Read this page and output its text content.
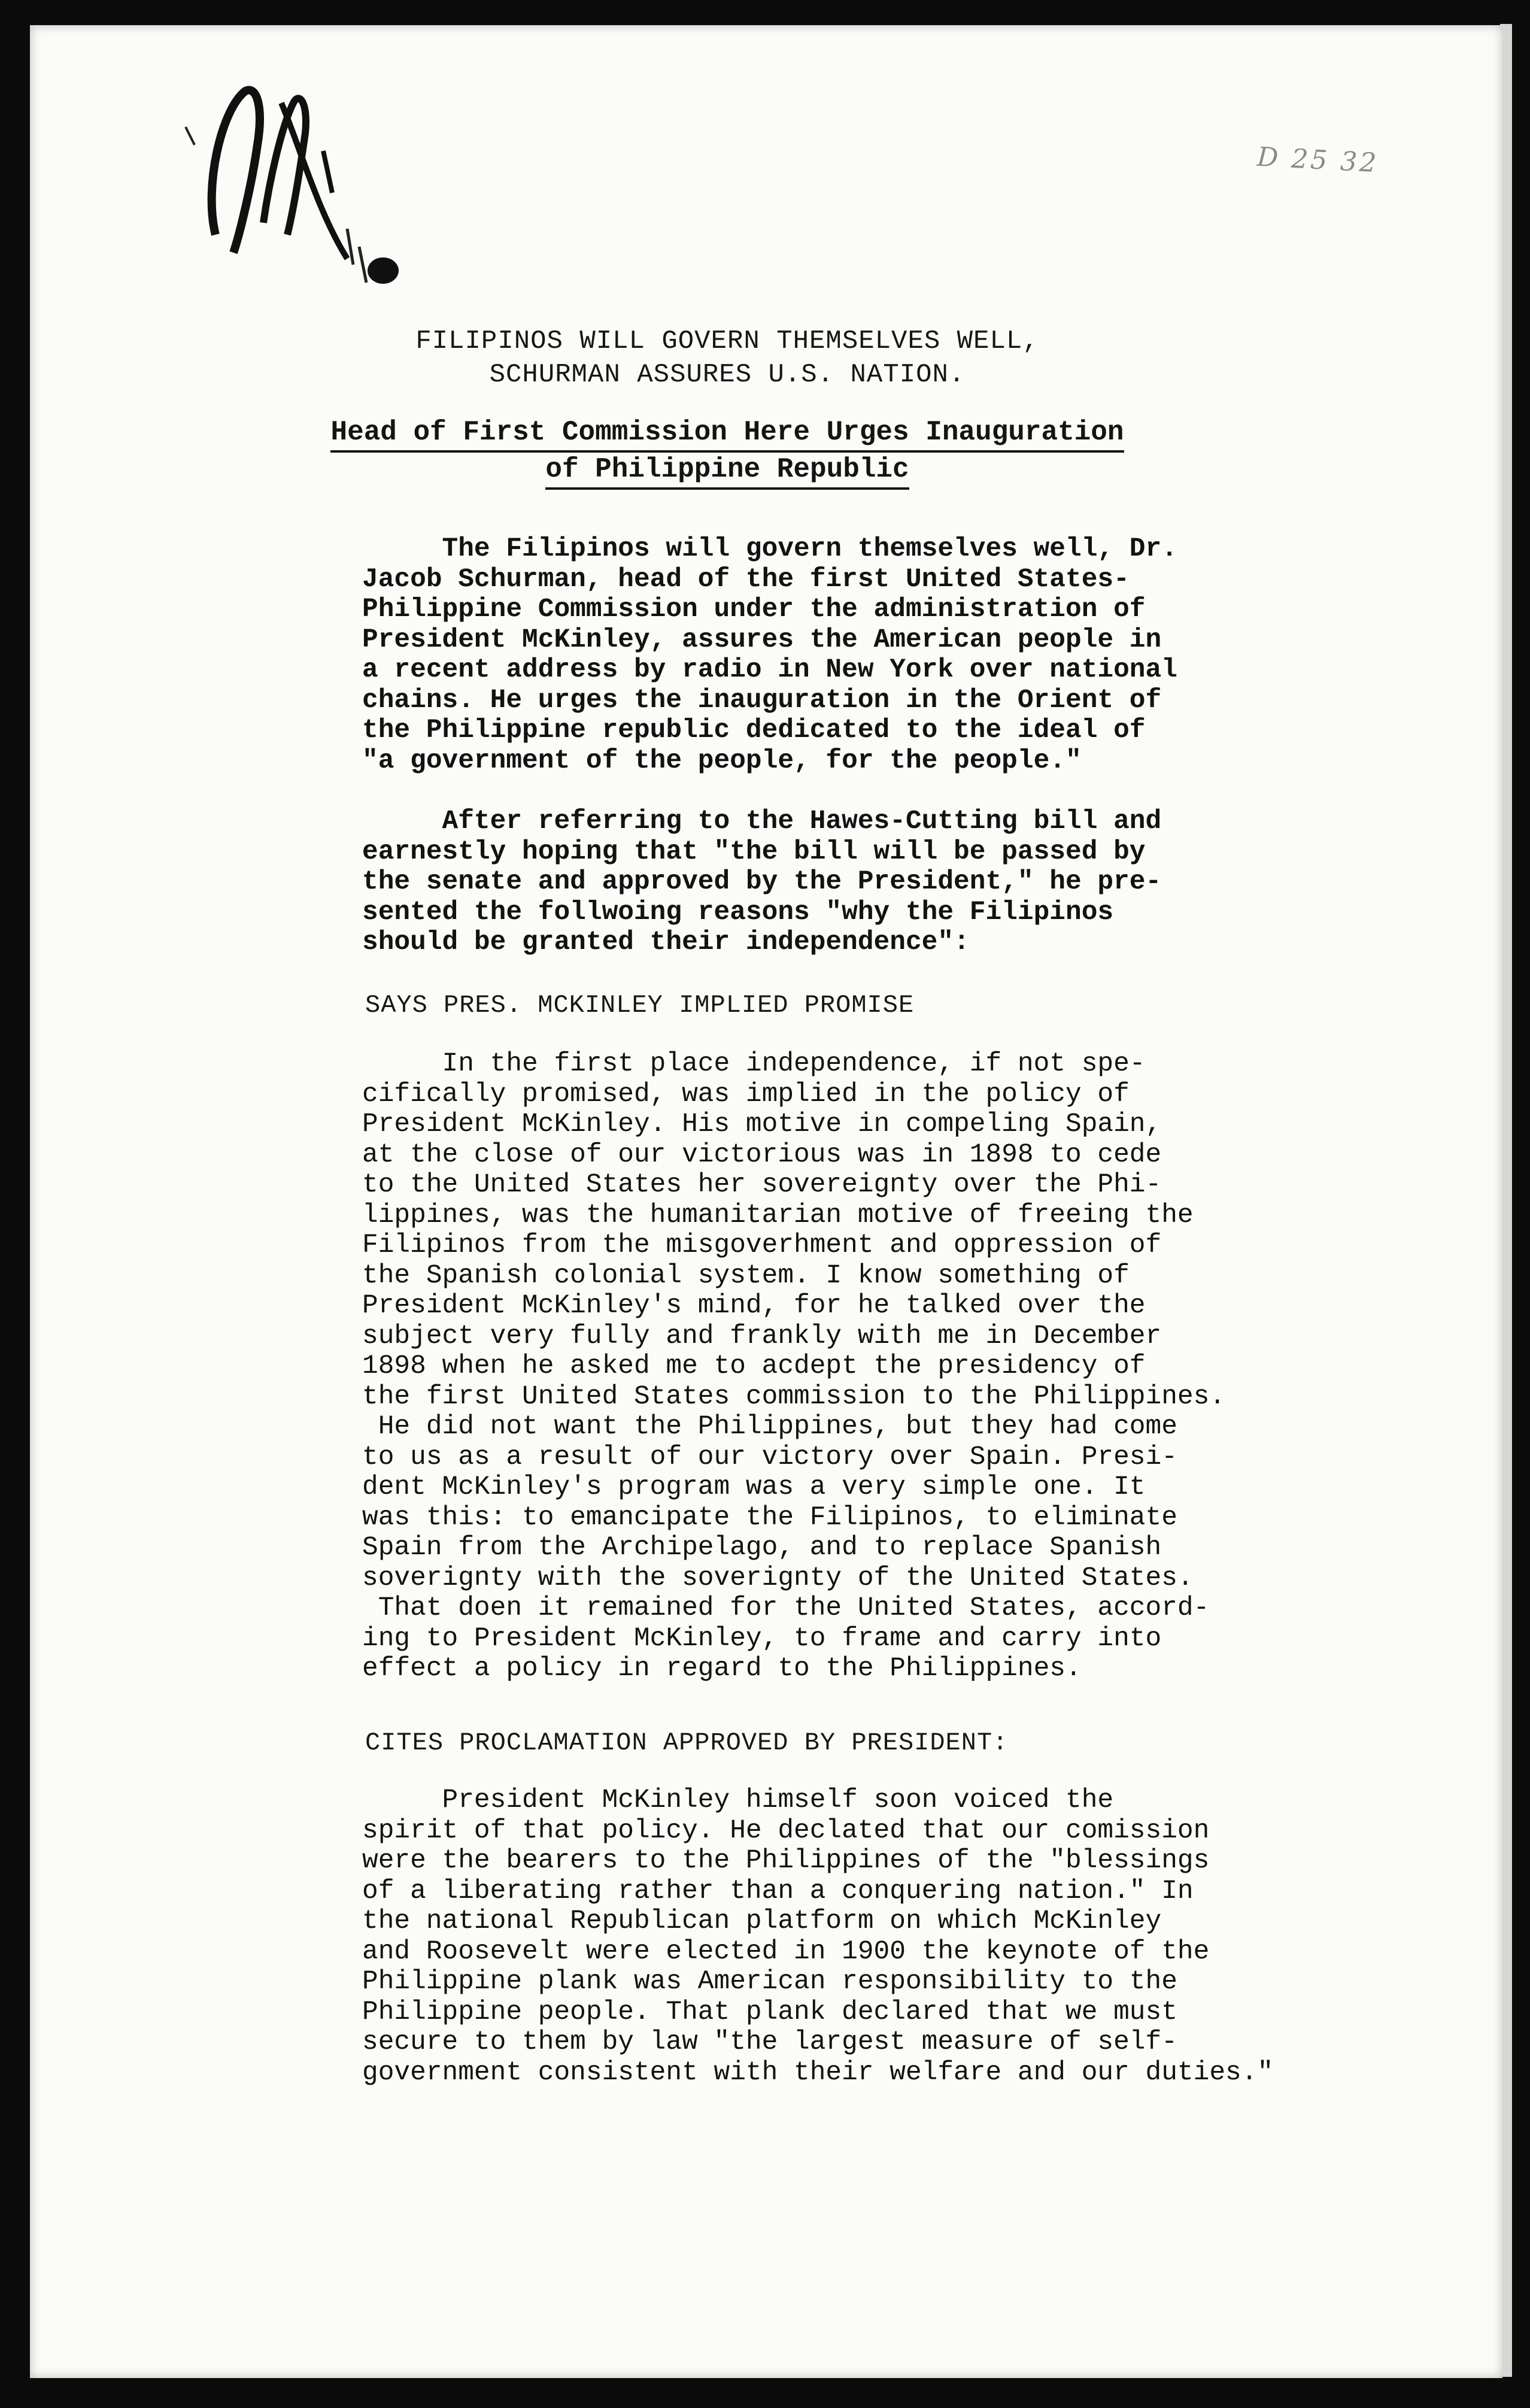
D 25 32
FILIPINOS WILL GOVERN THEMSELVES WELL,
SCHURMAN ASSURES U.S. NATION.
Head of First Commission Here Urges Inauguration
of Philippine Republic
The Filipinos will govern themselves well, Dr.
Jacob Schurman, head of the first United States-
Philippine Commission under the administration of
President McKinley, assures the American people in
a recent address by radio in New York over national
chains. He urges the inauguration in the Orient of
the Philippine republic dedicated to the ideal of
"a government of the people, for the people."
After referring to the Hawes-Cutting bill and
earnestly hoping that "the bill will be passed by
the senate and approved by the President," he pre-
sented the follwoing reasons "why the Filipinos
should be granted their independence":
SAYS PRES. MCKINLEY IMPLIED PROMISE
In the first place independence, if not spe-
cifically promised, was implied in the policy of
President McKinley. His motive in compeling Spain,
at the close of our victorious was in 1898 to cede
to the United States her sovereignty over the Phi-
lippines, was the humanitarian motive of freeing the
Filipinos from the misgoverhment and oppression of
the Spanish colonial system. I know something of
President McKinley's mind, for he talked over the
subject very fully and frankly with me in December
1898 when he asked me to acdept the presidency of
the first United States commission to the Philippines.
He did not want the Philippines, but they had come
to us as a result of our victory over Spain. Presi-
dent McKinley's program was a very simple one. It
was this: to emancipate the Filipinos, to eliminate
Spain from the Archipelago, and to replace Spanish
soverignty with the soverignty of the United States.
That doen it remained for the United States, accord-
ing to President McKinley, to frame and carry into
effect a policy in regard to the Philippines.
CITES PROCLAMATION APPROVED BY PRESIDENT:
President McKinley himself soon voiced the
spirit of that policy. He declated that our comission
were the bearers to the Philippines of the "blessings
of a liberating rather than a conquering nation." In
the national Republican platform on which McKinley
and Roosevelt were elected in 1900 the keynote of the
Philippine plank was American responsibility to the
Philippine people. That plank declared that we must
secure to them by law "the largest measure of self-
government consistent with their welfare and our duties."
